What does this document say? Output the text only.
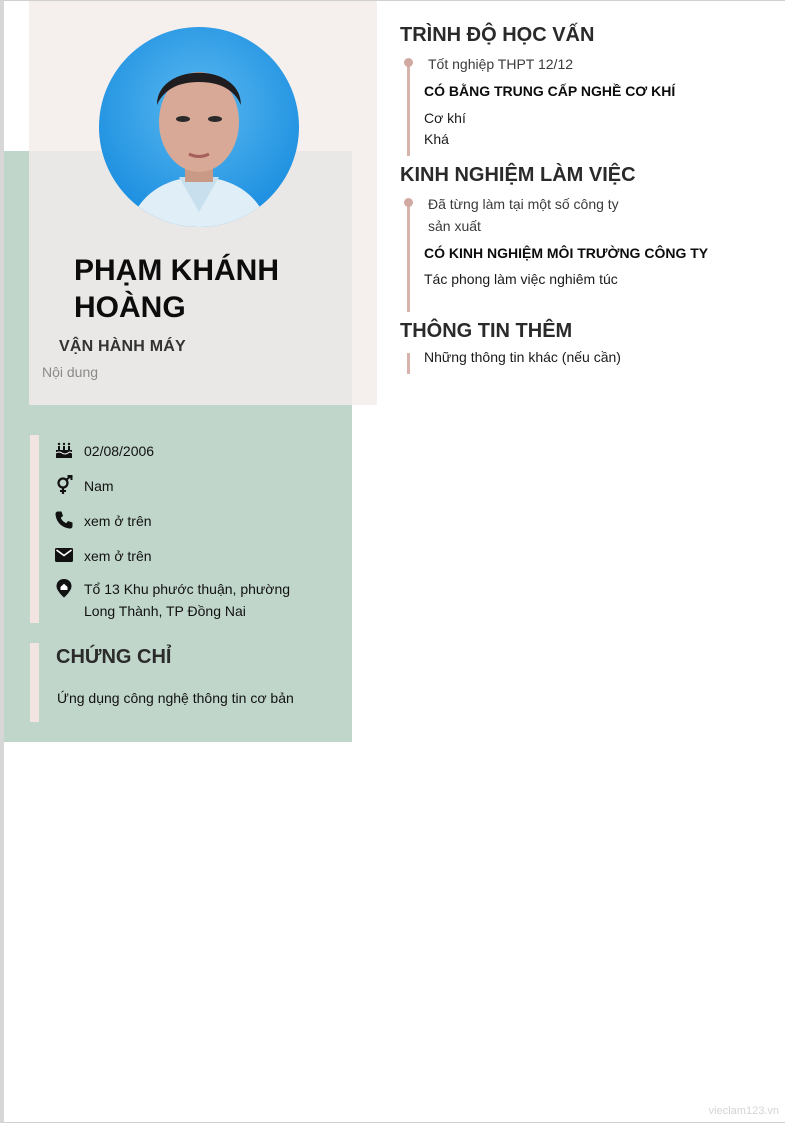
PHẠM KHÁNH HOÀNG
VẬN HÀNH MÁY
Nội dung
02/08/2006
Nam
xem ở trên
xem ở trên
Tổ 13 Khu phước thuận, phường Long Thành, TP Đồng Nai
CHỨNG CHỈ
Ứng dụng công nghệ thông tin cơ bản
TRÌNH ĐỘ HỌC VẤN
Tốt nghiệp THPT 12/12
CÓ BẰNG TRUNG CẤP NGHỀ CƠ KHÍ
Cơ khí
Khá
KINH NGHIỆM LÀM VIỆC
Đã từng làm tại một số công ty
sản xuất
CÓ KINH NGHIỆM MÔI TRƯỜNG CÔNG TY
Tác phong làm việc nghiêm túc
THÔNG TIN THÊM
Những thông tin khác (nếu cần)
vieclam123.vn
